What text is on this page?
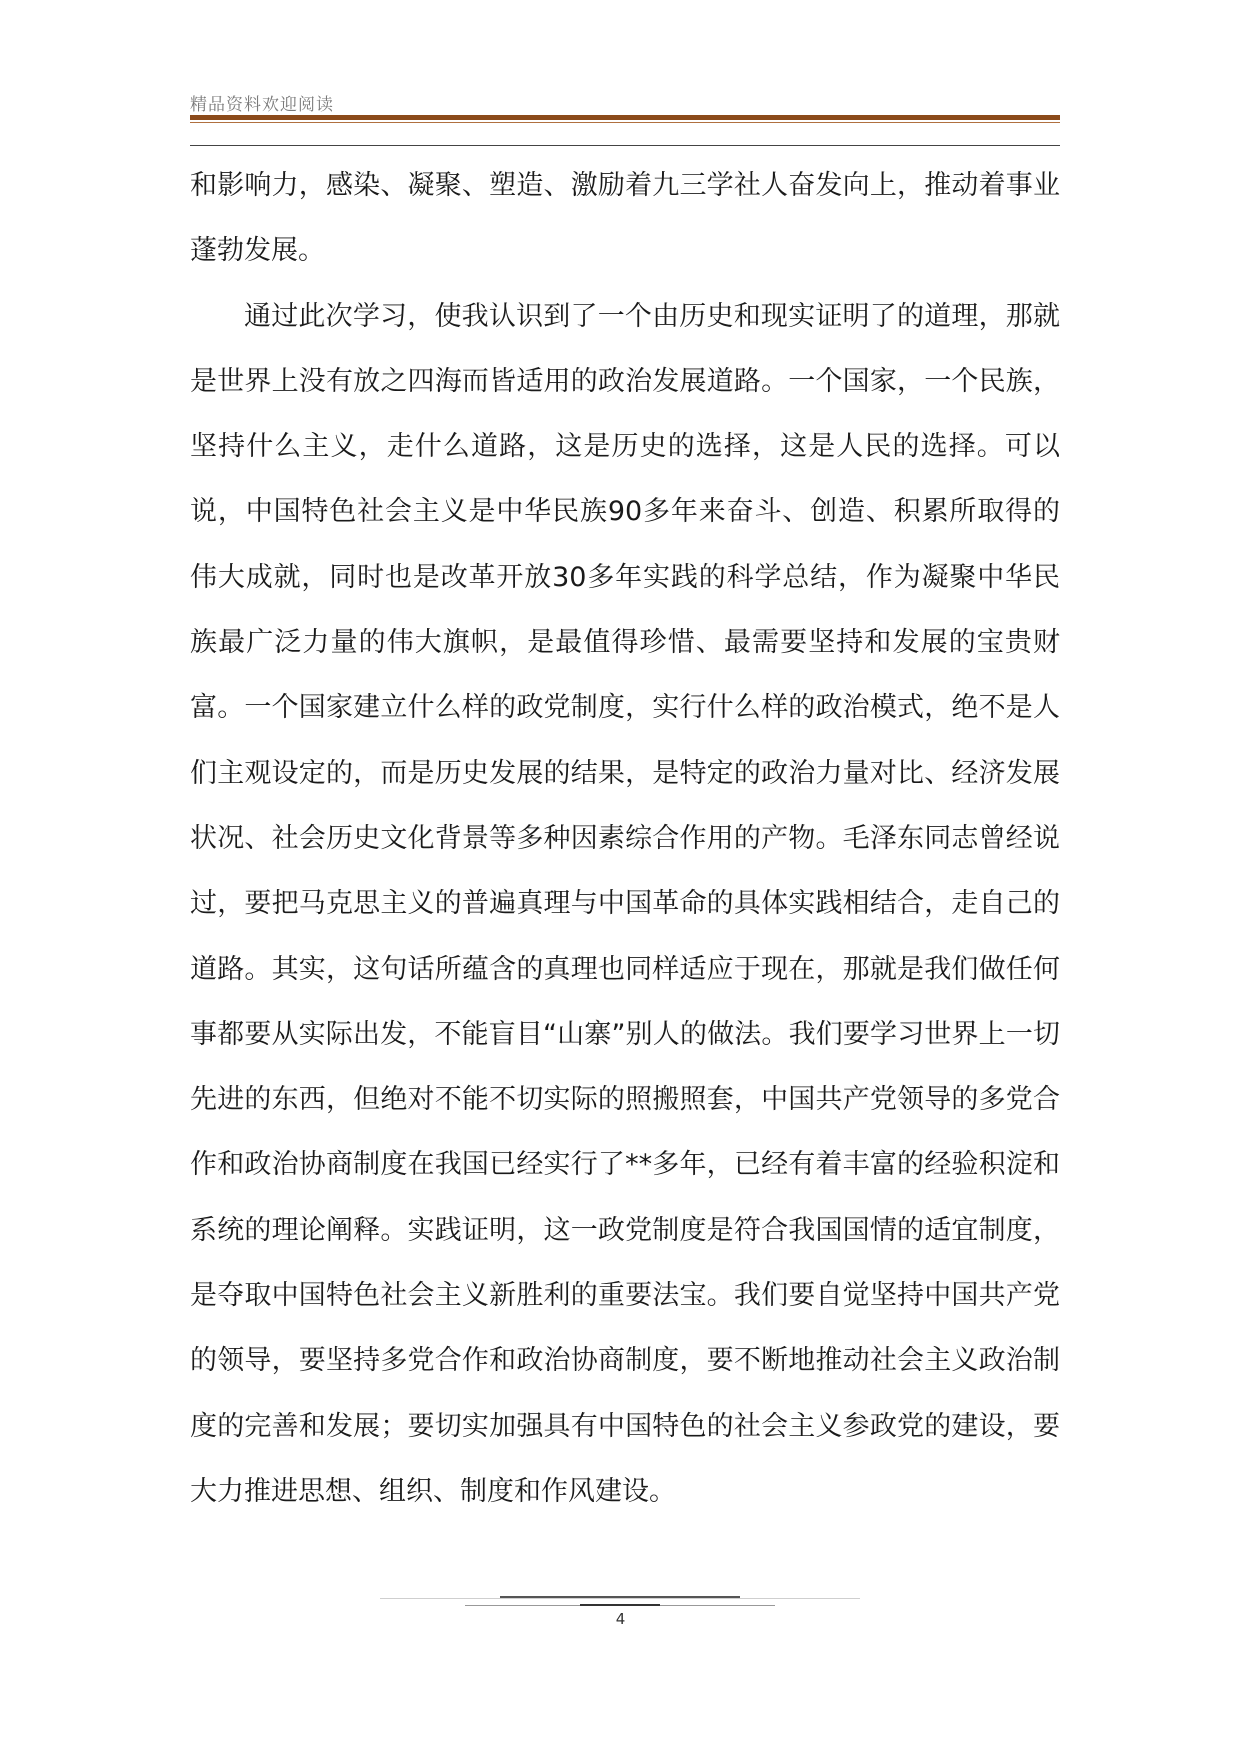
精品资料欢迎阅读

和影响力，感染、凝聚、塑造、激励着九三学社人奋发向上，推动着事业蓬勃发展。

通过此次学习，使我认识到了一个由历史和现实证明了的道理，那就是世界上没有放之四海而皆适用的政治发展道路。一个国家，一个民族，坚持什么主义，走什么道路，这是历史的选择，这是人民的选择。可以说，中国特色社会主义是中华民族90多年来奋斗、创造、积累所取得的伟大成就，同时也是改革开放30多年实践的科学总结，作为凝聚中华民族最广泛力量的伟大旗帜，是最值得珍惜、最需要坚持和发展的宝贵财富。一个国家建立什么样的政党制度，实行什么样的政治模式，绝不是人们主观设定的，而是历史发展的结果，是特定的政治力量对比、经济发展状况、社会历史文化背景等多种因素综合作用的产物。毛泽东同志曾经说过，要把马克思主义的普遍真理与中国革命的具体实践相结合，走自己的道路。其实，这句话所蕴含的真理也同样适应于现在，那就是我们做任何事都要从实际出发，不能盲目“山寨”别人的做法。我们要学习世界上一切先进的东西，但绝对不能不切实际的照搬照套，中国共产党领导的多党合作和政治协商制度在我国已经实行了**多年，已经有着丰富的经验积淀和系统的理论阐释。实践证明，这一政党制度是符合我国国情的适宜制度，是夺取中国特色社会主义新胜利的重要法宝。我们要自觉坚持中国共产党的领导，要坚持多党合作和政治协商制度，要不断地推动社会主义政治制度的完善和发展；要切实加强具有中国特色的社会主义参政党的建设，要大力推进思想、组织、制度和作风建设。

4
